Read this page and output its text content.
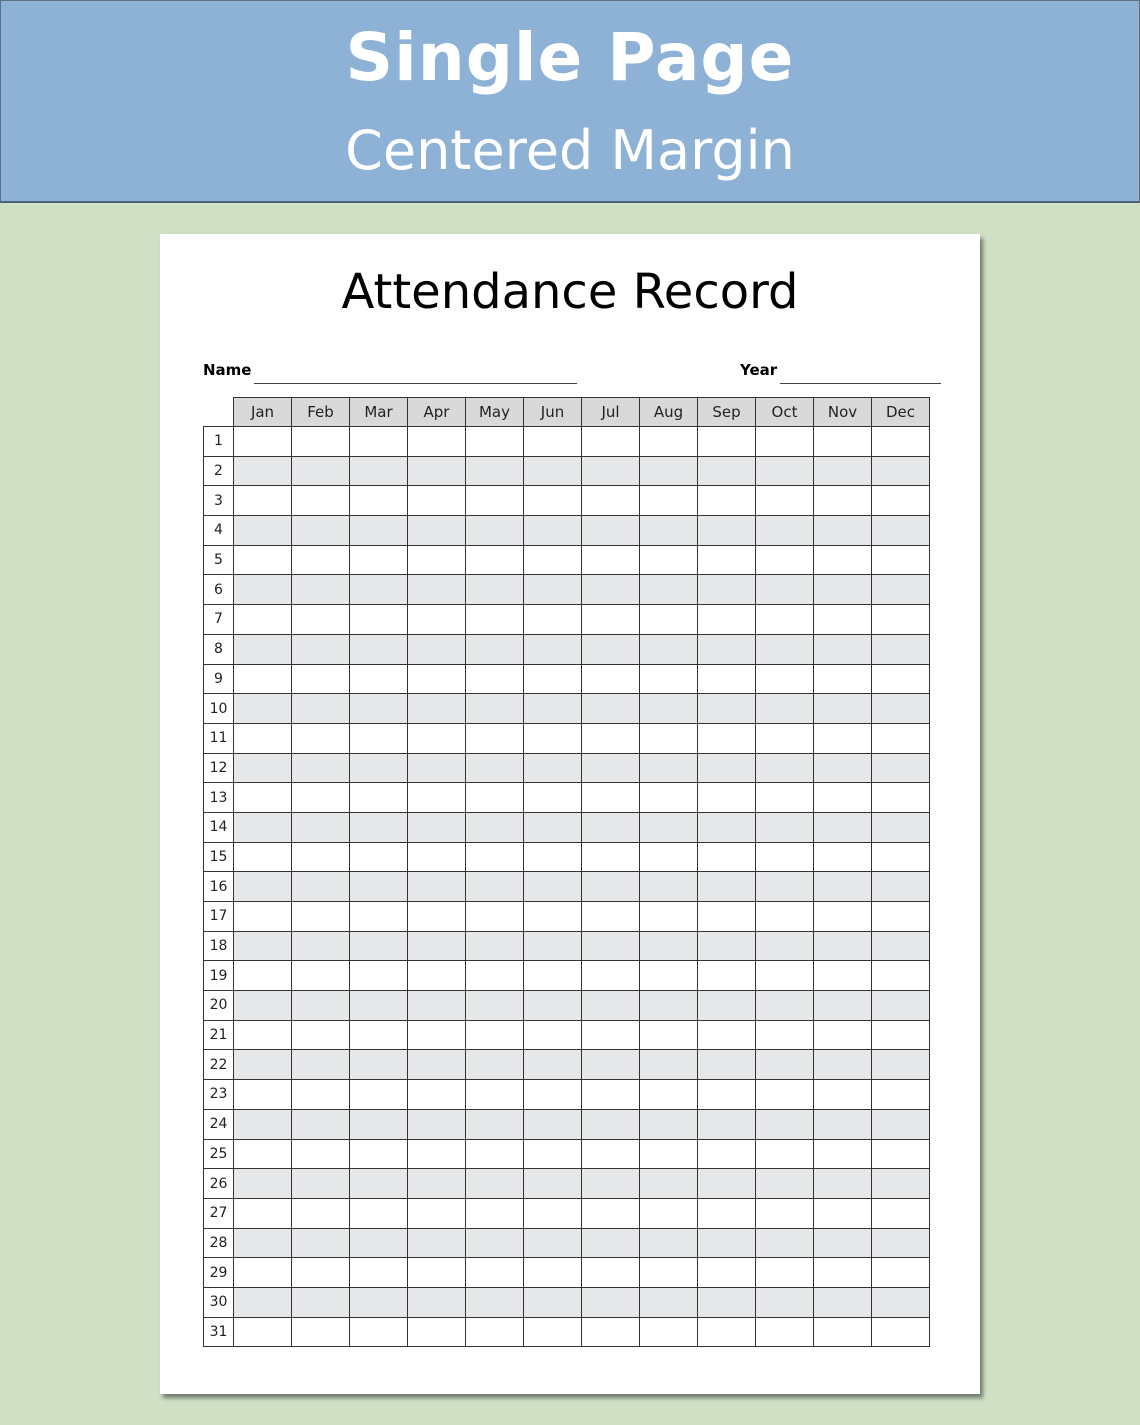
Single Page
Centered Margin
Attendance Record
Name	Year
	Jan	Feb	Mar	Apr	May	Jun	Jul	Aug	Sep	Oct	Nov	Dec
1												
2												
3												
4												
5												
6												
7												
8												
9												
10												
11												
12												
13												
14												
15												
16												
17												
18												
19												
20												
21												
22												
23												
24												
25												
26												
27												
28												
29												
30												
31												
